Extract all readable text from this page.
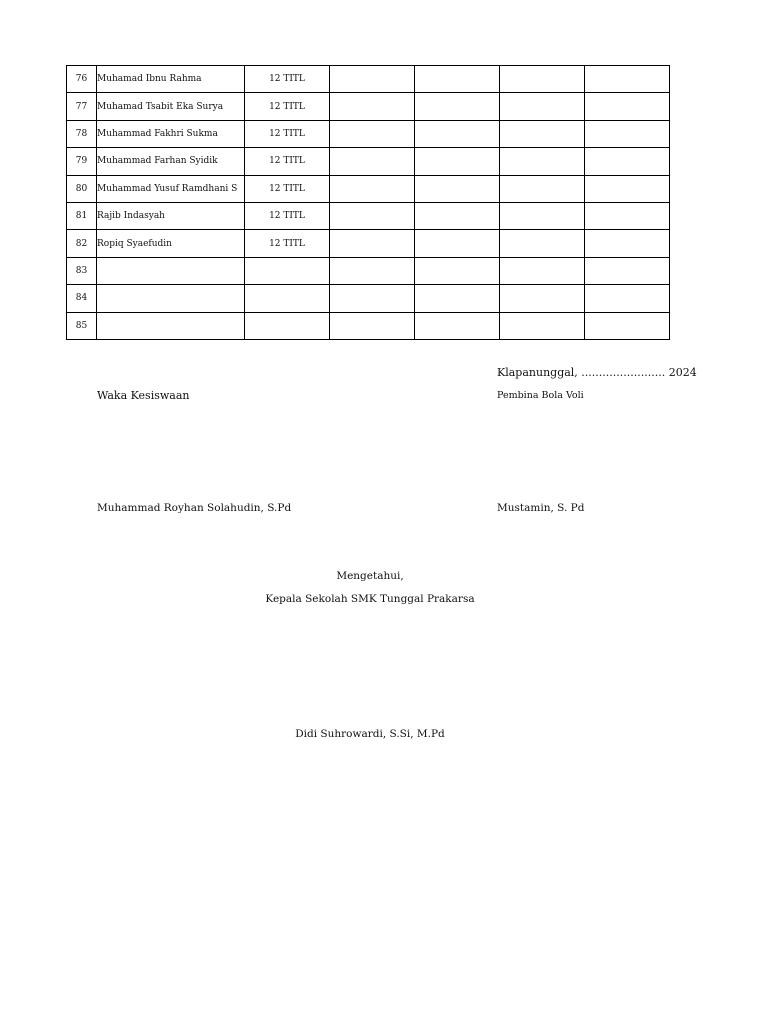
76	Muhamad Ibnu Rahma	12 TITL				
77	Muhamad Tsabit Eka Surya	12 TITL				
78	Muhammad Fakhri Sukma	12 TITL				
79	Muhammad Farhan Syidik	12 TITL				
80	Muhammad Yusuf Ramdhani S	12 TITL				
81	Rajib Indasyah	12 TITL				
82	Ropiq Syaefudin	12 TITL				
83						
84						
85						
Klapanunggal, ........................ 2024
Waka Kesiswaan	Pembina Bola Voli
Muhammad Royhan Solahudin, S.Pd	Mustamin, S. Pd
Mengetahui,
Kepala Sekolah SMK Tunggal Prakarsa
Didi Suhrowardi, S.Si, M.Pd
